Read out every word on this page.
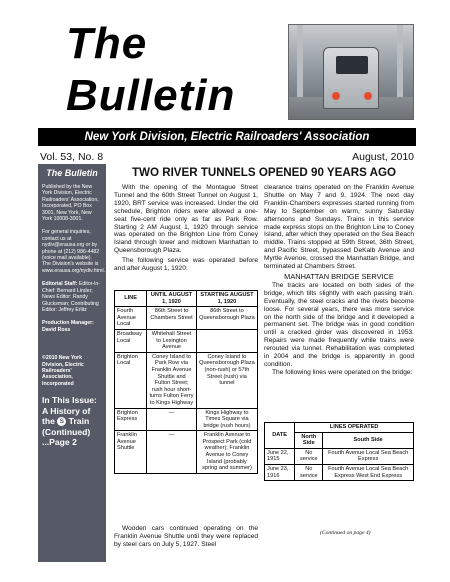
The
Bulletin
New York Division, Electric Railroaders' Association
Vol. 53, No. 8	August, 2010
The Bulletin
Published by the New York Division, Electric Railroaders' Association, Incorporated, PO Box 3001, New York, New York 10008-3001.
For general inquiries, contact us at nydiv@erausa.org or by phone at (212) 986-4482 (voice mail available). The Division's website is www.erausa.org/nydiv.html.
Editorial Staff: Editor-in-Chief: Bernard Linder; News Editor: Randy Glucksman; Contributing Editor: Jeffrey Erlitz
Production Manager:
David Ross
©2010 New York Division, Electric Railroaders' Association, Incorporated
In This Issue:
A History of the S Train (Continued) ...Page 2
TWO RIVER TUNNELS OPENED 90 YEARS AGO

With the opening of the Montague Street Tunnel and the 60th Street Tunnel on August 1, 1920, BRT service was increased. Under the old schedule, Brighton riders were allowed a one-seat five-cent ride only as far as Park Row. Starting 2 AM August 1, 1920 through service was operated on the Brighton Line from Coney Island through lower and midtown Manhattan to Queensborough Plaza.

The following service was operated before and after August 1, 1920:

LINE	UNTIL AUGUST 1, 1920	STARTING AUGUST 1, 1920
Fourth Avenue Local	86th Street to Chambers Street	86th Street to Queensborough Plaza
Broadway Local	Whitehall Street to Lexington Avenue	
Brighton Local	Coney Island to Park Row via Franklin Avenue Shuttle and Fulton Street; rush hour short-turns Fulton Ferry to Kings Highway	Coney Island to Queensborough Plaza (non-rush) or 57th Street (rush) via tunnel
Brighton Express	—	Kings Highway to Times Square via bridge (rush hours)
Franklin Avenue Shuttle	—	Franklin Avenue to Prospect Park (cold weather); Franklin Avenue to Coney Island (probably spring and summer)

Wooden cars continued operating on the Franklin Avenue Shuttle until they were replaced by steel cars on July 5, 1927. Steel

clearance trains operated on the Franklin Avenue Shuttle on May 7 and 9, 1924. The next day Franklin-Chambers expresses started running from May to September on warm, sunny Saturday afternoons and Sundays. Trains in this service made express stops on the Brighton Line to Coney Island, after which they operated on the Sea Beach middle. Trains stopped at 59th Street, 36th Street, and Pacific Street, bypassed DeKalb Avenue and Myrtle Avenue, crossed the Manhattan Bridge, and terminated at Chambers Street.

MANHATTAN BRIDGE SERVICE

The tracks are located on both sides of the bridge, which tilts slightly with each passing train. Eventually, the steel cracks and the rivets become loose. For several years, there was more service on the north side of the bridge and it developed a permanent set. The bridge was in good condition until a cracked girder was discovered in 1953. Repairs were made frequently while trains were rerouted via tunnel. Rehabilitation was completed in 2004 and the bridge is apparently in good condition.

The following lines were operated on the bridge:

DATE	LINES OPERATED	
	North Side	South Side
June 22, 1915	No service	Fourth Avenue Local Sea Beach Express
June 23, 1916	No service	Fourth Avenue Local Sea Beach Express West End Express
(Continued on page 4)
